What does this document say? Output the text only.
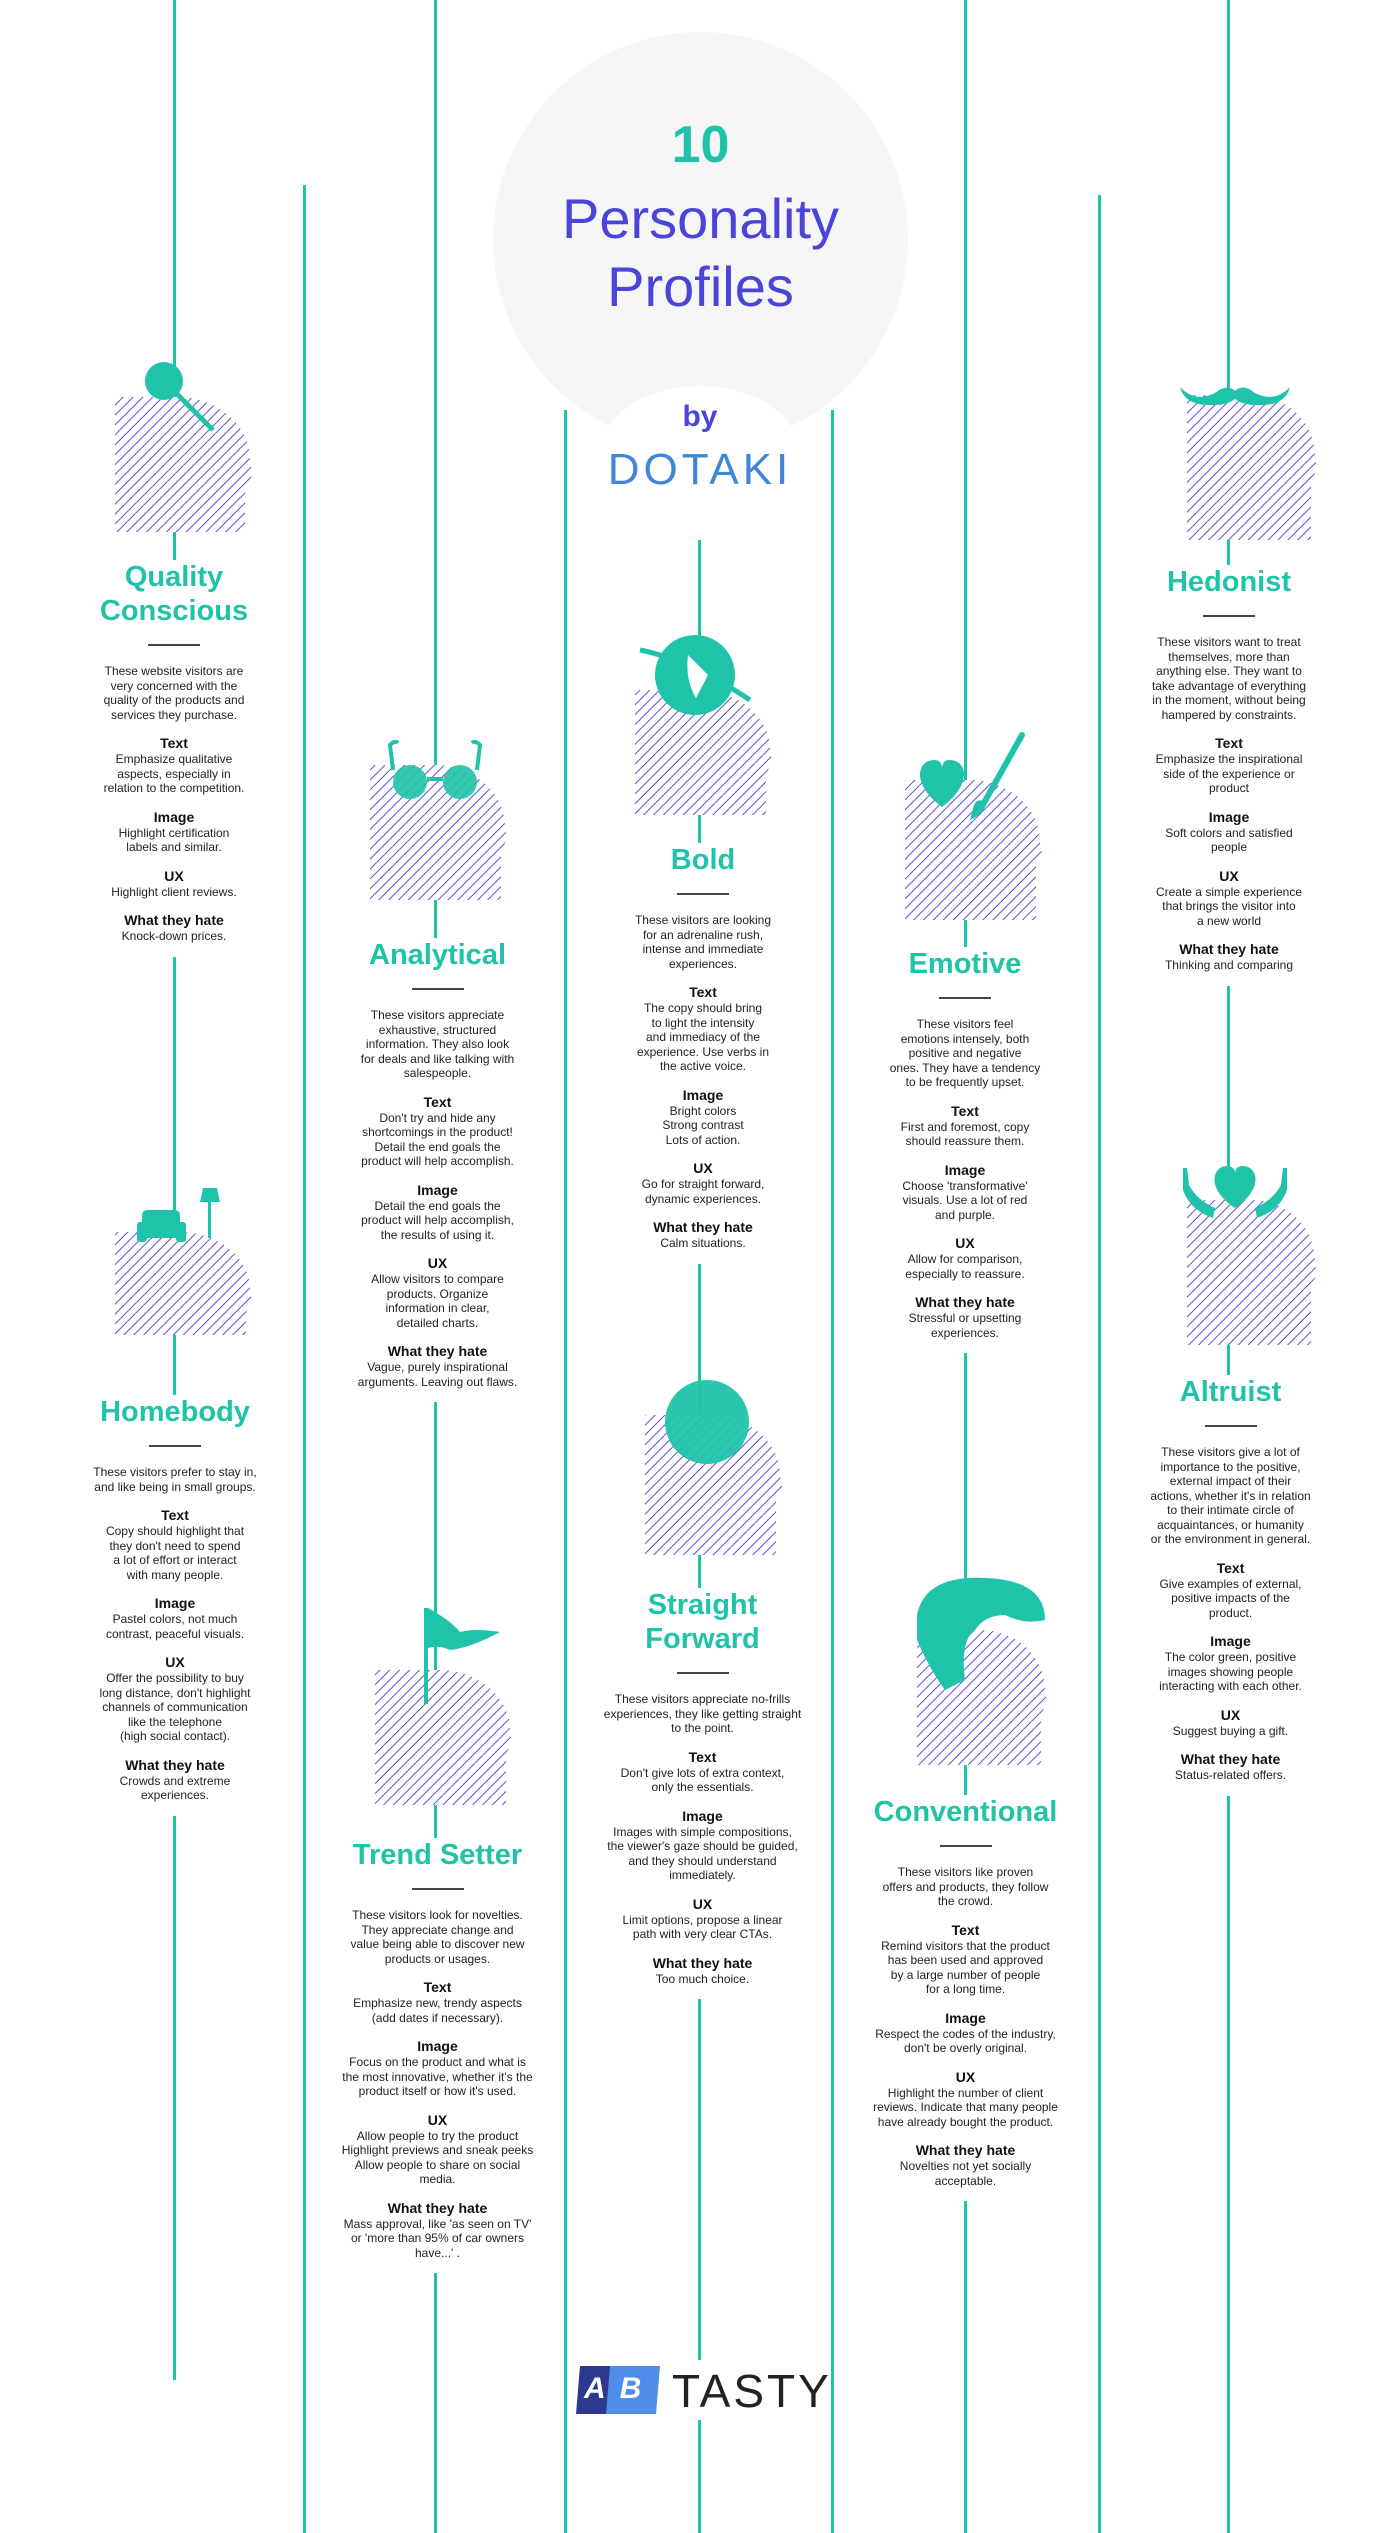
10
Personality
Profiles
by
DOTAKI
Quality
Conscious
These website visitors are
very concerned with the
quality of the products and
services they purchase.
Text
Emphasize qualitative
aspects, especially in
relation to the competition.
Image
Highlight certification
labels and similar.
UX
Highlight client reviews.
What they hate
Knock-down prices.
Homebody
These visitors prefer to stay in,
and like being in small groups.
Text
Copy should highlight that
they don't need to spend
a lot of effort or interact
with many people.
Image
Pastel colors, not much
contrast, peaceful visuals.
UX
Offer the possibility to buy
long distance, don't highlight
channels of communication
like the telephone
(high social contact).
What they hate
Crowds and extreme
experiences.
Analytical
These visitors appreciate
exhaustive, structured
information. They also look
for deals and like talking with
salespeople.
Text
Don't try and hide any
shortcomings in the product!
Detail the end goals the
product will help accomplish.
Image
Detail the end goals the
product will help accomplish,
the results of using it.
UX
Allow visitors to compare
products. Organize
information in clear,
detailed charts.
What they hate
Vague, purely inspirational
arguments. Leaving out flaws.
Trend Setter
These visitors look for novelties.
They appreciate change and
value being able to discover new
products or usages.
Text
Emphasize new, trendy aspects
(add dates if necessary).
Image
Focus on the product and what is
the most innovative, whether it's the
product itself or how it's used.
UX
Allow people to try the product
Highlight previews and sneak peeks
Allow people to share on social
media.
What they hate
Mass approval, like 'as seen on TV'
or 'more than 95% of car owners
have...' .
Bold
These visitors are looking
for an adrenaline rush,
intense and immediate
experiences.
Text
The copy should bring
to light the intensity
and immediacy of the
experience. Use verbs in
the active voice.
Image
Bright colors
Strong contrast
Lots of action.
UX
Go for straight forward,
dynamic experiences.
What they hate
Calm situations.
Straight
Forward
These visitors appreciate no-frills
experiences, they like getting straight
to the point.
Text
Don't give lots of extra context,
only the essentials.
Image
Images with simple compositions,
the viewer's gaze should be guided,
and they should understand
immediately.
UX
Limit options, propose a linear
path with very clear CTAs.
What they hate
Too much choice.
Emotive
These visitors feel
emotions intensely, both
positive and negative
ones. They have a tendency
to be frequently upset.
Text
First and foremost, copy
should reassure them.
Image
Choose 'transformative'
visuals. Use a lot of red
and purple.
UX
Allow for comparison,
especially to reassure.
What they hate
Stressful or upsetting
experiences.
Conventional
These visitors like proven
offers and products, they follow
the crowd.
Text
Remind visitors that the product
has been used and approved
by a large number of people
for a long time.
Image
Respect the codes of the industry,
don't be overly original.
UX
Highlight the number of client
reviews. Indicate that many people
have already bought the product.
What they hate
Novelties not yet socially
acceptable.
Hedonist
These visitors want to treat
themselves, more than
anything else. They want to
take advantage of everything
in the moment, without being
hampered by constraints.
Text
Emphasize the inspirational
side of the experience or
product
Image
Soft colors and satisfied
people
UX
Create a simple experience
that brings the visitor into
a new world
What they hate
Thinking and comparing
Altruist
These visitors give a lot of
importance to the positive,
external impact of their
actions, whether it's in relation
to their intimate circle of
acquaintances, or humanity
or the environment in general.
Text
Give examples of external,
positive impacts of the
product.
Image
The color green, positive
images showing people
interacting with each other.
UX
Suggest buying a gift.
What they hate
Status-related offers.
AB TASTY
